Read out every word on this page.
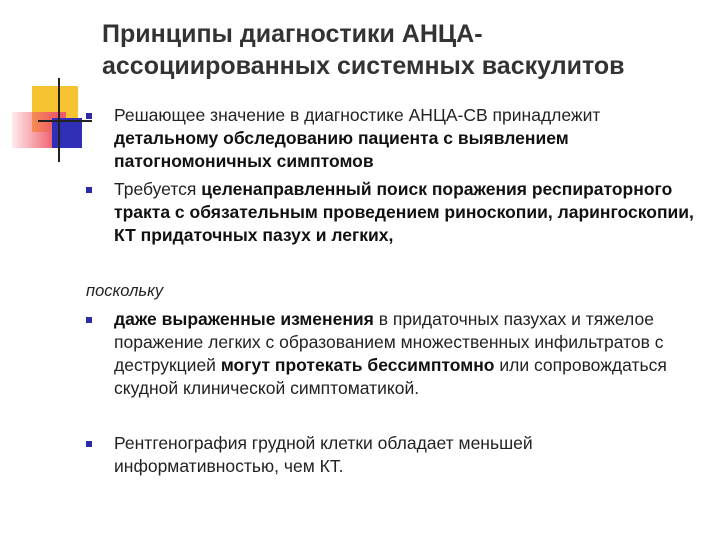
Принципы диагностики АНЦА-ассоциированных системных васкулитов
Решающее значение в диагностике АНЦА-СВ принадлежит детальному обследованию пациента с выявлением патогномоничных симптомов
Требуется целенаправленный поиск поражения респираторного тракта с обязательным проведением риноскопии, ларингоскопии, КТ придаточных пазух и легких,
поскольку
даже выраженные изменения в придаточных пазухах и тяжелое поражение легких с образованием множественных инфильтратов с деструкцией могут протекать бессимптомно или сопровождаться скудной клинической симптоматикой.
Рентгенография грудной клетки обладает меньшей информативностью, чем КТ.
